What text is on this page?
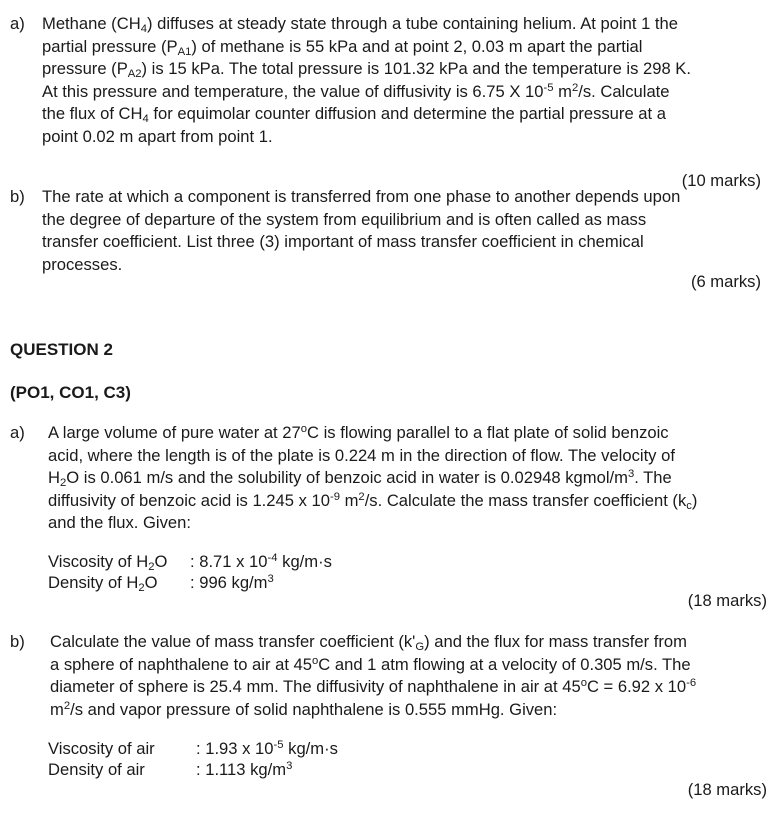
a) Methane $(CH_4)$ diffuses at steady state through a tube containing helium. At point 1 the
partial pressure $(P_{A1})$ of methane is 55 kPa and at point 2, 0.03 m apart the partial
pressure $(P_{A2})$ is 15 kPa. The total pressure is 101.32 kPa and the temperature is 298 K.
At this pressure and temperature, the value of diffusivity is 6.75 X $10^{-5}$ $m^2/s$. Calculate
the flux of $CH_4$ for equimolar counter diffusion and determine the partial pressure at a
point 0.02 m apart from point 1.
(10 marks)
b) The rate at which a component is transferred from one phase to another depends upon
the degree of departure of the system from equilibrium and is often called as mass
transfer coefficient. List three (3) important of mass transfer coefficient in chemical
processes.
(6 marks)
QUESTION 2
(PO1, CO1, C3)
a) A large volume of pure water at 27$^o$C is flowing parallel to a flat plate of solid benzoic
acid, where the length is of the plate is 0.224 m in the direction of flow. The velocity of
$H_2O$ is 0.061 m/s and the solubility of benzoic acid in water is 0.02948 kgmol/$m^3$. The
diffusivity of benzoic acid is 1.245 x $10^{-9}$ $m^2/s$. Calculate the mass transfer coefficient $(k_c)$
and the flux. Given:
Viscosity of $H_2O$ : 8.71 x $10^{-4}$ kg/m·s
Density of $H_2O$ : 996 $kg/m^3$
(18 marks)
b) Calculate the value of mass transfer coefficient $(k'_G)$ and the flux for mass transfer from
a sphere of naphthalene to air at 45$^o$C and 1 atm flowing at a velocity of 0.305 m/s. The
diameter of sphere is 25.4 mm. The diffusivity of naphthalene in air at $45^oC = 6.92$ x $10^{-6}$
$m^2/s$ and vapor pressure of solid naphthalene is 0.555 mmHg. Given:
Viscosity of air : 1.93 x $10^{-5}$ kg/m·s
Density of air	: 1.113 $kg/m^3$
(18 marks)
